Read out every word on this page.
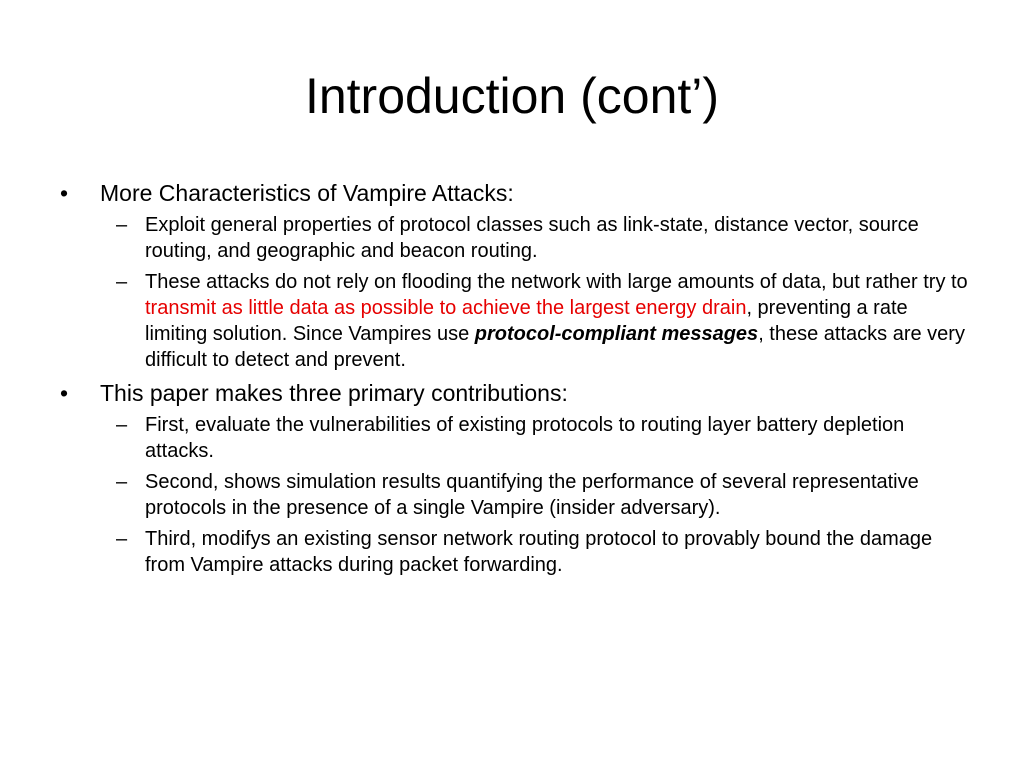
Introduction (cont’)
• More Characteristics of Vampire Attacks:
– Exploit general properties of protocol classes such as link-state, distance vector, source routing, and geographic and beacon routing.
– These attacks do not rely on flooding the network with large amounts of data, but rather try to transmit as little data as possible to achieve the largest energy drain, preventing a rate limiting solution. Since Vampires use protocol-compliant messages, these attacks are very difficult to detect and prevent.
• This paper makes three primary contributions:
– First, evaluate the vulnerabilities of existing protocols to routing layer battery depletion attacks.
– Second, shows simulation results quantifying the performance of several representative protocols in the presence of a single Vampire (insider adversary).
– Third, modifys an existing sensor network routing protocol to provably bound the damage from Vampire attacks during packet forwarding.
